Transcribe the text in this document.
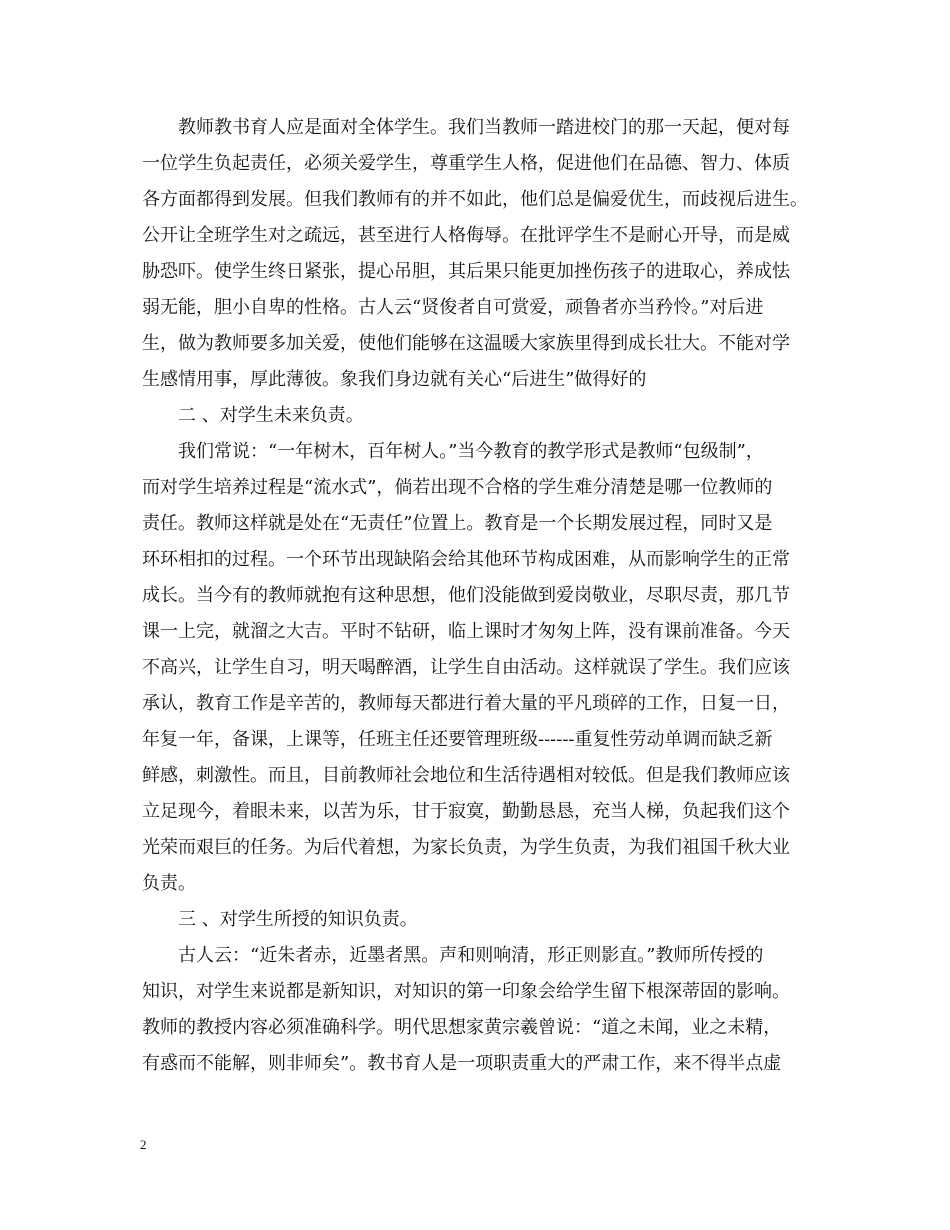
教师教书育人应是面对全体学生。我们当教师一踏进校门的那一天起，便对每
一位学生负起责任，必须关爱学生，尊重学生人格，促进他们在品德、智力、体质
各方面都得到发展。但我们教师有的并不如此，他们总是偏爱优生，而歧视后进生。
公开让全班学生对之疏远，甚至进行人格侮辱。在批评学生不是耐心开导，而是威
胁恐吓。使学生终日紧张，提心吊胆，其后果只能更加挫伤孩子的进取心，养成怯
弱无能，胆小自卑的性格。古人云“贤俊者自可赏爱，顽鲁者亦当矜怜。”对后进
生，做为教师要多加关爱，使他们能够在这温暖大家族里得到成长壮大。不能对学
生感情用事，厚此薄彼。象我们身边就有关心“后进生”做得好的
二 、对学生未来负责。
我们常说：“一年树木，百年树人。”当今教育的教学形式是教师“包级制”，
而对学生培养过程是“流水式”，倘若出现不合格的学生难分清楚是哪一位教师的
责任。教师这样就是处在“无责任”位置上。教育是一个长期发展过程，同时又是
环环相扣的过程。一个环节出现缺陷会给其他环节构成困难，从而影响学生的正常
成长。当今有的教师就抱有这种思想，他们没能做到爱岗敬业，尽职尽责，那几节
课一上完，就溜之大吉。平时不钻研，临上课时才匆匆上阵，没有课前准备。今天
不高兴，让学生自习，明天喝醉酒，让学生自由活动。这样就误了学生。我们应该
承认，教育工作是辛苦的，教师每天都进行着大量的平凡琐碎的工作，日复一日，
年复一年，备课，上课等，任班主任还要管理班级------重复性劳动单调而缺乏新
鲜感，刺激性。而且，目前教师社会地位和生活待遇相对较低。但是我们教师应该
立足现今，着眼未来，以苦为乐，甘于寂寞，勤勤恳恳，充当人梯，负起我们这个
光荣而艰巨的任务。为后代着想，为家长负责，为学生负责，为我们祖国千秋大业
负责。
三 、对学生所授的知识负责。
古人云：“近朱者赤，近墨者黑。声和则响清，形正则影直。”教师所传授的
知识，对学生来说都是新知识，对知识的第一印象会给学生留下根深蒂固的影响。
教师的教授内容必须准确科学。明代思想家黄宗羲曾说：“道之未闻，业之未精，
有惑而不能解，则非师矣”。教书育人是一项职责重大的严肃工作，来不得半点虚
2
